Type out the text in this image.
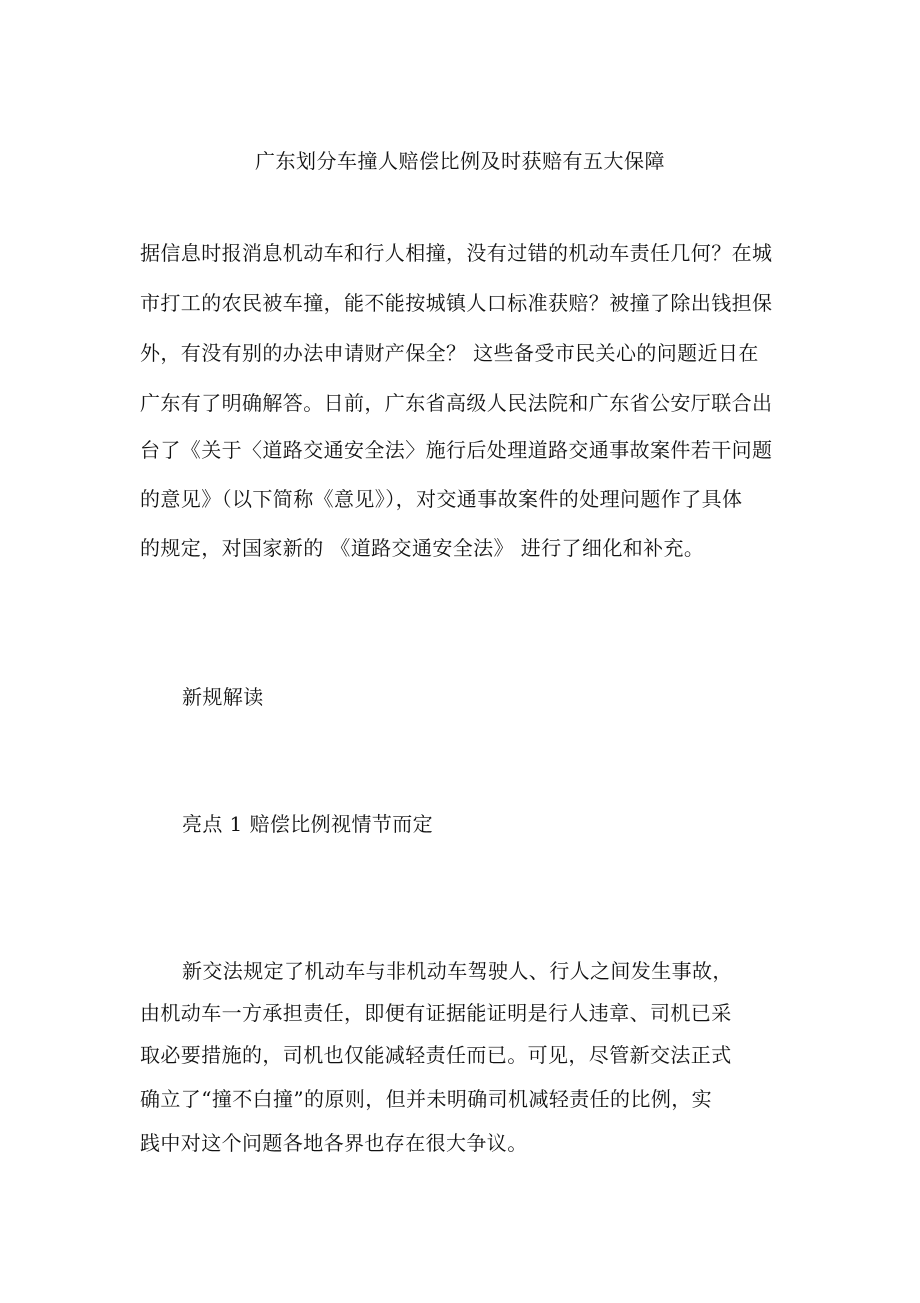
广东划分车撞人赔偿比例及时获赔有五大保障
据信息时报消息机动车和行人相撞，没有过错的机动车责任几何？在城
市打工的农民被车撞，能不能按城镇人口标准获赔？被撞了除出钱担保
外，有没有别的办法申请财产保全？ 这些备受市民关心的问题近日在
广东有了明确解答。日前，广东省高级人民法院和广东省公安厅联合出
台了《关于〈道路交通安全法〉施行后处理道路交通事故案件若干问题
的意见》（以下简称《意见》），对交通事故案件的处理问题作了具体
的规定，对国家新的 《道路交通安全法》 进行了细化和补充。
新规解读
亮点 1 赔偿比例视情节而定
新交法规定了机动车与非机动车驾驶人、行人之间发生事故，
由机动车一方承担责任，即便有证据能证明是行人违章、司机已采
取必要措施的，司机也仅能减轻责任而已。可见，尽管新交法正式
确立了“撞不白撞”的原则，但并未明确司机减轻责任的比例，实
践中对这个问题各地各界也存在很大争议。
